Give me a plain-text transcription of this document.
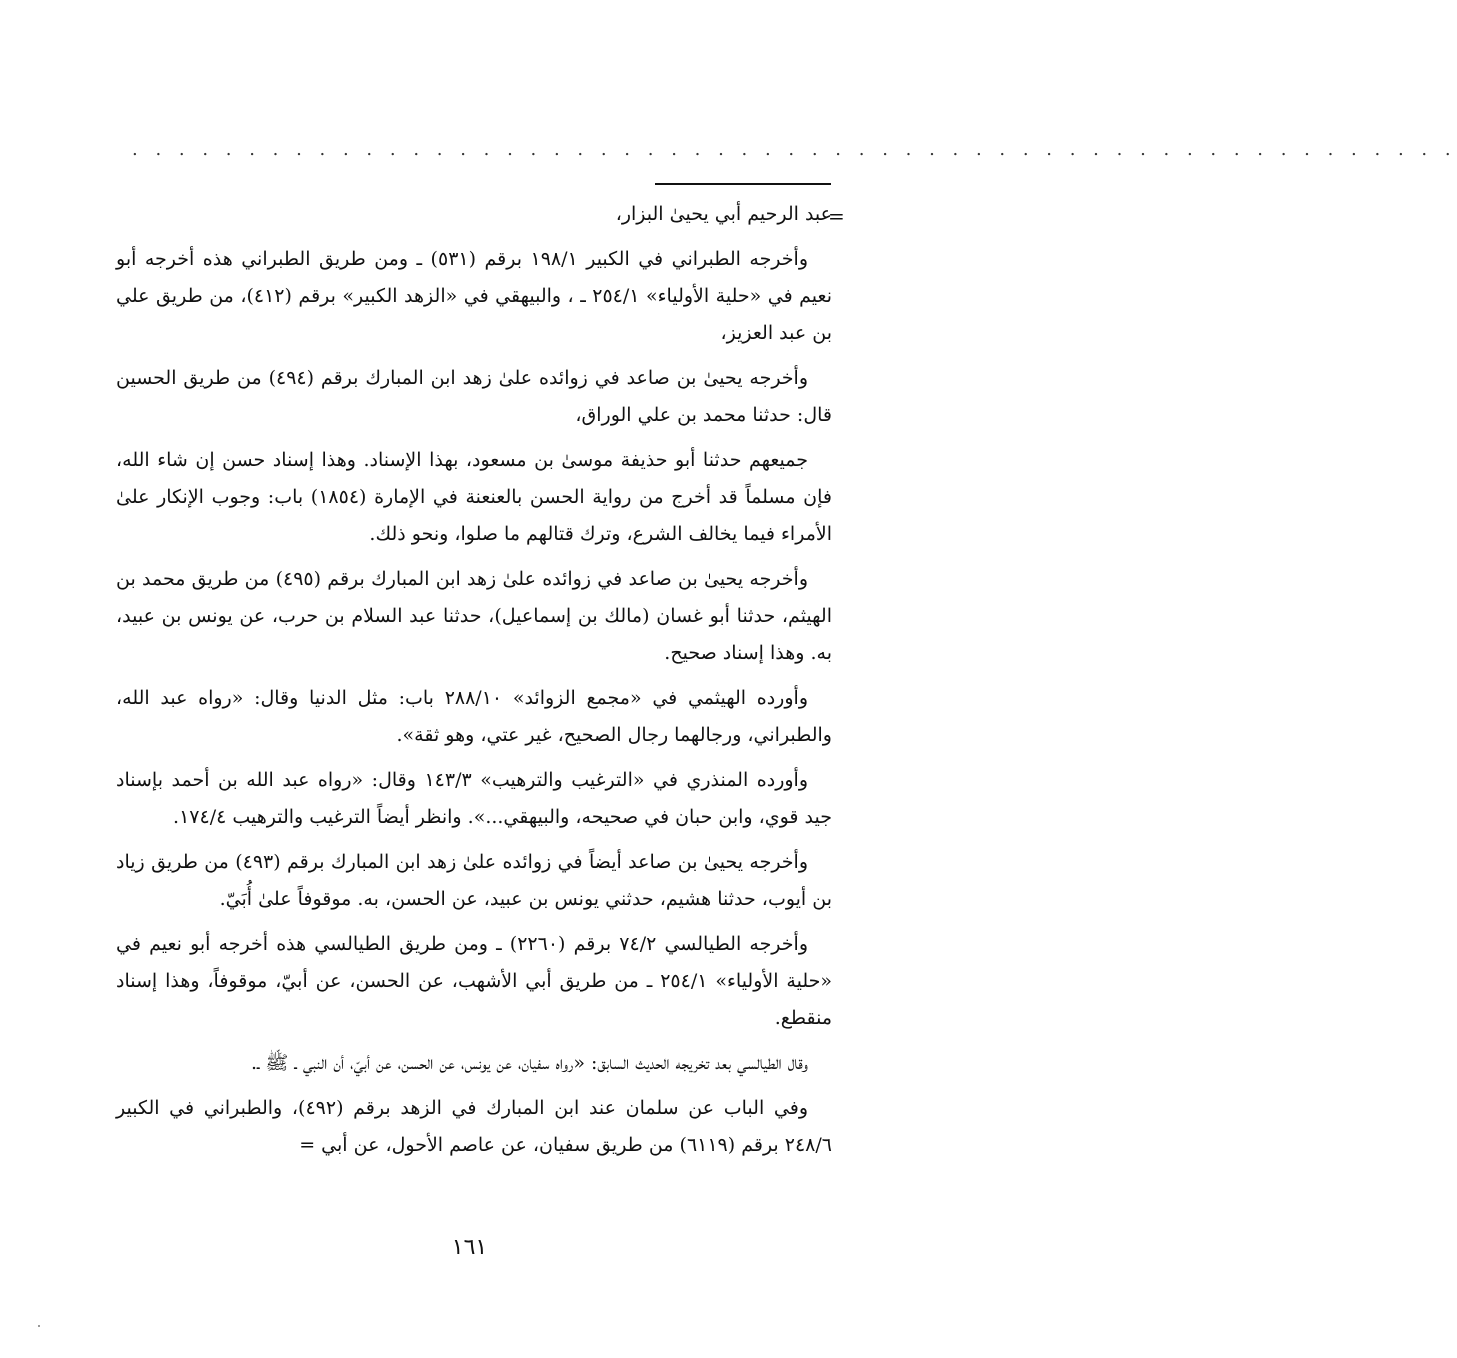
. . . . . . . . . . . . . . . . . . . . . . . . . . . . . . . . . . . . . . . . . . . . . . . . . . . . . . . . .
=

عبد الرحيم أبي يحيىٰ البزار،

وأخرجه الطبراني في الكبير ١٩٨/١ برقم (٥٣١) ـ ومن طريق الطبراني هذه أخرجه أبو نعيم في «حلية الأولياء» ٢٥٤/١ ـ ، والبيهقي في «الزهد الكبير» برقم (٤١٢)، من طريق علي بن عبد العزيز،

وأخرجه يحيىٰ بن صاعد في زوائده علىٰ زهد ابن المبارك برقم (٤٩٤) من طريق الحسين قال: حدثنا محمد بن علي الوراق،

جميعهم حدثنا أبو حذيفة موسىٰ بن مسعود، بهذا الإسناد. وهذا إسناد حسن إن شاء الله، فإن مسلماً قد أخرج من رواية الحسن بالعنعنة في الإمارة (١٨٥٤) باب: وجوب الإنكار علىٰ الأمراء فيما يخالف الشرع، وترك قتالهم ما صلوا، ونحو ذلك.

وأخرجه يحيىٰ بن صاعد في زوائده علىٰ زهد ابن المبارك برقم (٤٩٥) من طريق محمد بن الهيثم، حدثنا أبو غسان (مالك بن إسماعيل)، حدثنا عبد السلام بن حرب، عن يونس بن عبيد، به. وهذا إسناد صحيح.

وأورده الهيثمي في «مجمع الزوائد» ٢٨٨/١٠ باب: مثل الدنيا وقال: «رواه عبد الله، والطبراني، ورجالهما رجال الصحيح، غير عتي، وهو ثقة».

وأورده المنذري في «الترغيب والترهيب» ١٤٣/٣ وقال: «رواه عبد الله بن أحمد بإسناد جيد قوي، وابن حبان في صحيحه، والبيهقي...». وانظر أيضاً الترغيب والترهيب ١٧٤/٤.

وأخرجه يحيىٰ بن صاعد أيضاً في زوائده علىٰ زهد ابن المبارك برقم (٤٩٣) من طريق زياد بن أيوب، حدثنا هشيم، حدثني يونس بن عبيد، عن الحسن، به. موقوفاً علىٰ أُبَيّ.

وأخرجه الطيالسي ٧٤/٢ برقم (٢٢٦٠) ـ ومن طريق الطيالسي هذه أخرجه أبو نعيم في «حلية الأولياء» ٢٥٤/١ ـ من طريق أبي الأشهب، عن الحسن، عن أبيّ، موقوفاً، وهذا إسناد منقطع.

وقال الطيالسي بعد تخريجه الحديث السابق: «رواه سفيان، عن يونس، عن الحسن، عن أبيّ، أن النبي ـ ﷺ ـ.

وفي الباب عن سلمان عند ابن المبارك في الزهد برقم (٤٩٢)، والطبراني في الكبير ٢٤٨/٦ برقم (٦١١٩) من طريق سفيان، عن عاصم الأحول، عن أبي =

١٦١
